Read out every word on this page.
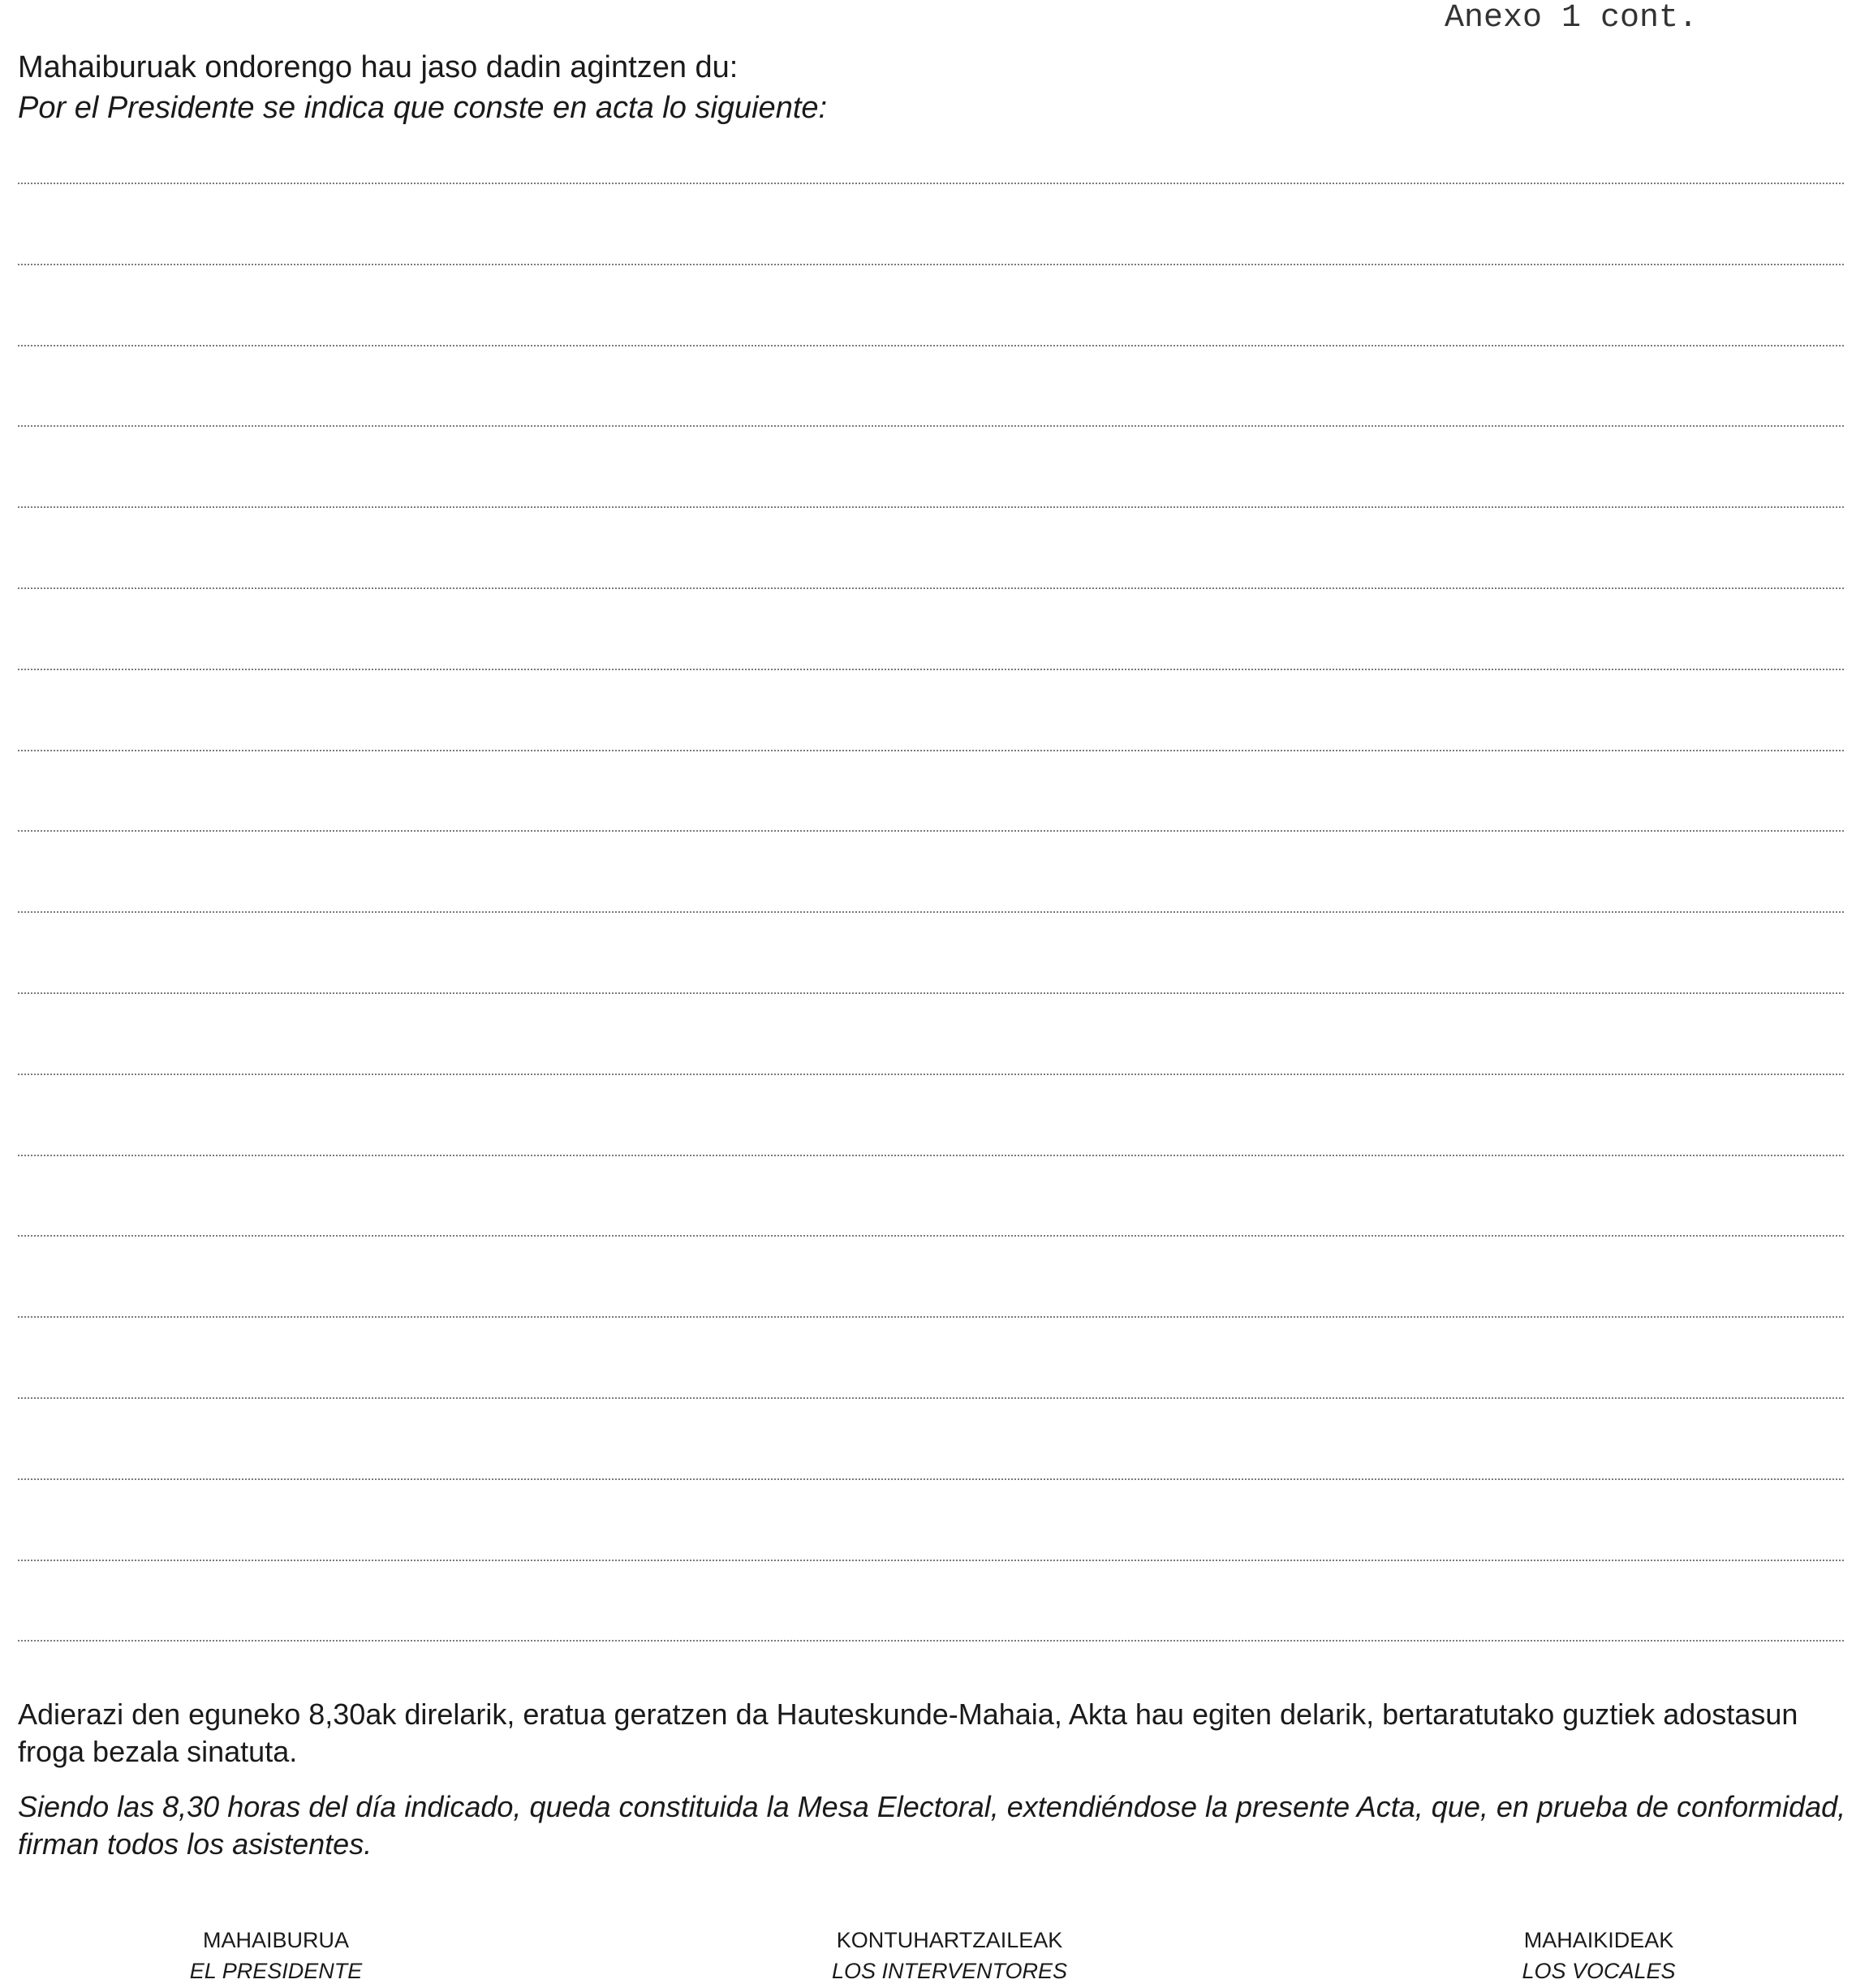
Anexo 1 cont.
Mahaiburuak ondorengo hau jaso dadin agintzen du:
Por el Presidente se indica que conste en acta lo siguiente:

Adierazi den eguneko 8,30ak direlarik, eratua geratzen da Hauteskunde-Mahaia, Akta hau egiten delarik, bertaratutako guztiek adostasun froga bezala sinatuta.

Siendo las 8,30 horas del día indicado, queda constituida la Mesa Electoral, extendiéndose la presente Acta, que, en prueba de conformidad, firman todos los asistentes.

MAHAIBURUA
EL PRESIDENTE
KONTUHARTZAILEAK
LOS INTERVENTORES
MAHAIKIDEAK
LOS VOCALES
